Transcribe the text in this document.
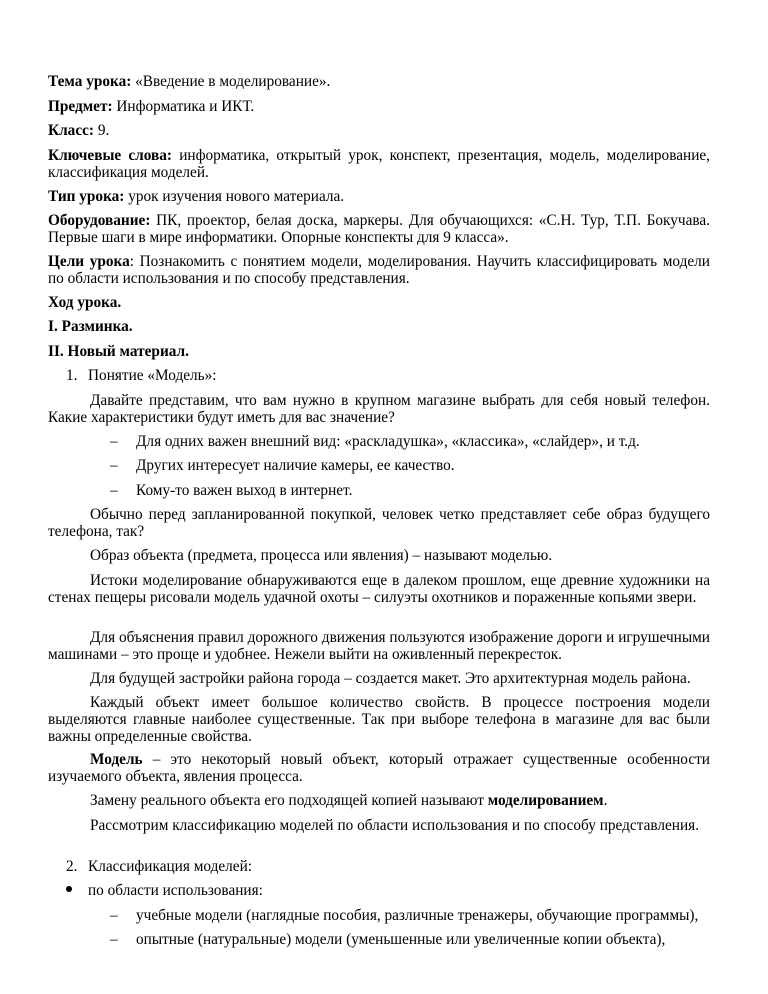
Тема урока: «Введение в моделирование».

Предмет: Информатика и ИКТ.

Класс: 9.

Ключевые слова: информатика, открытый урок, конспект, презентация, модель, моделирование, классификация моделей.

Тип урока: урок изучения нового материала.

Оборудование: ПК, проектор, белая доска, маркеры. Для обучающихся: «С.Н. Тур, Т.П. Бокучава. Первые шаги в мире информатики. Опорные конспекты для 9 класса».

Цели урока: Познакомить с понятием модели, моделирования. Научить классифицировать модели по области использования и по способу представления.

Ход урока.

I. Разминка.

II. Новый материал.

1. Понятие «Модель»:

Давайте представим, что вам нужно в крупном магазине выбрать для себя новый телефон. Какие характеристики будут иметь для вас значение?

– Для одних важен внешний вид: «раскладушка», «классика», «слайдер», и т.д.

– Других интересует наличие камеры, ее качество.

– Кому-то важен выход в интернет.

Обычно перед запланированной покупкой, человек четко представляет себе образ будущего телефона, так?

Образ объекта (предмета, процесса или явления) – называют моделью.

Истоки моделирование обнаруживаются еще в далеком прошлом, еще древние художники на стенах пещеры рисовали модель удачной охоты – силуэты охотников и пораженные копьями звери.

Для объяснения правил дорожного движения пользуются изображение дороги и игрушечными машинами – это проще и удобнее. Нежели выйти на оживленный перекресток.

Для будущей застройки района города – создается макет. Это архитектурная модель района.

Каждый объект имеет большое количество свойств. В процессе построения модели выделяются главные наиболее существенные. Так при выборе телефона в магазине для вас были важны определенные свойства.

Модель – это некоторый новый объект, который отражает существенные особенности изучаемого объекта, явления процесса.

Замену реального объекта его подходящей копией называют моделированием.

Рассмотрим классификацию моделей по области использования и по способу представления.

2. Классификация моделей:

по области использования:

– учебные модели (наглядные пособия, различные тренажеры, обучающие программы),

– опытные (натуральные) модели (уменьшенные или увеличенные копии объекта),
